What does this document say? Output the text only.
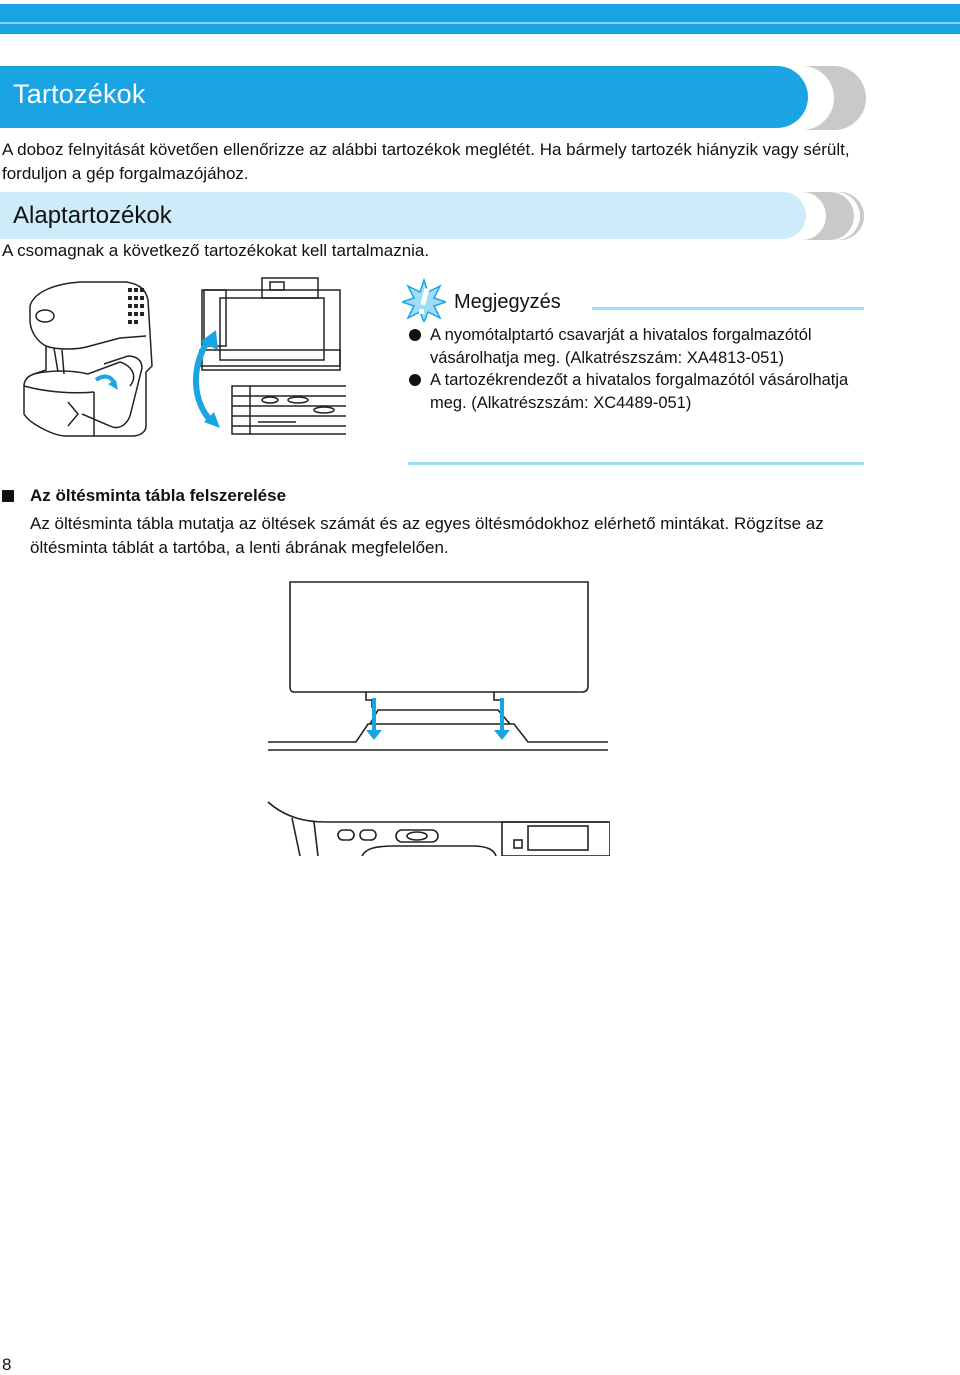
Tartozékok

A doboz felnyitását követően ellenőrizze az alábbi tartozékok meglétét. Ha bármely tartozék hiányzik vagy sérült, forduljon a gép forgalmazójához.

Alaptartozékok

A csomagnak a következő tartozékokat kell tartalmaznia.

Megjegyzés
A nyomótalptartó csavarját a hivatalos forgalmazótól vásárolhatja meg. (Alkatrészszám: XA4813-051)
A tartozékrendezőt a hivatalos forgalmazótól vásárolhatja meg. (Alkatrészszám: XC4489-051)
Az öltésminta tábla felszerelése

Az öltésminta tábla mutatja az öltések számát és az egyes öltésmódokhoz elérhető mintákat. Rögzítse az öltésminta táblát a tartóba, a lenti ábrának megfelelően.

8
